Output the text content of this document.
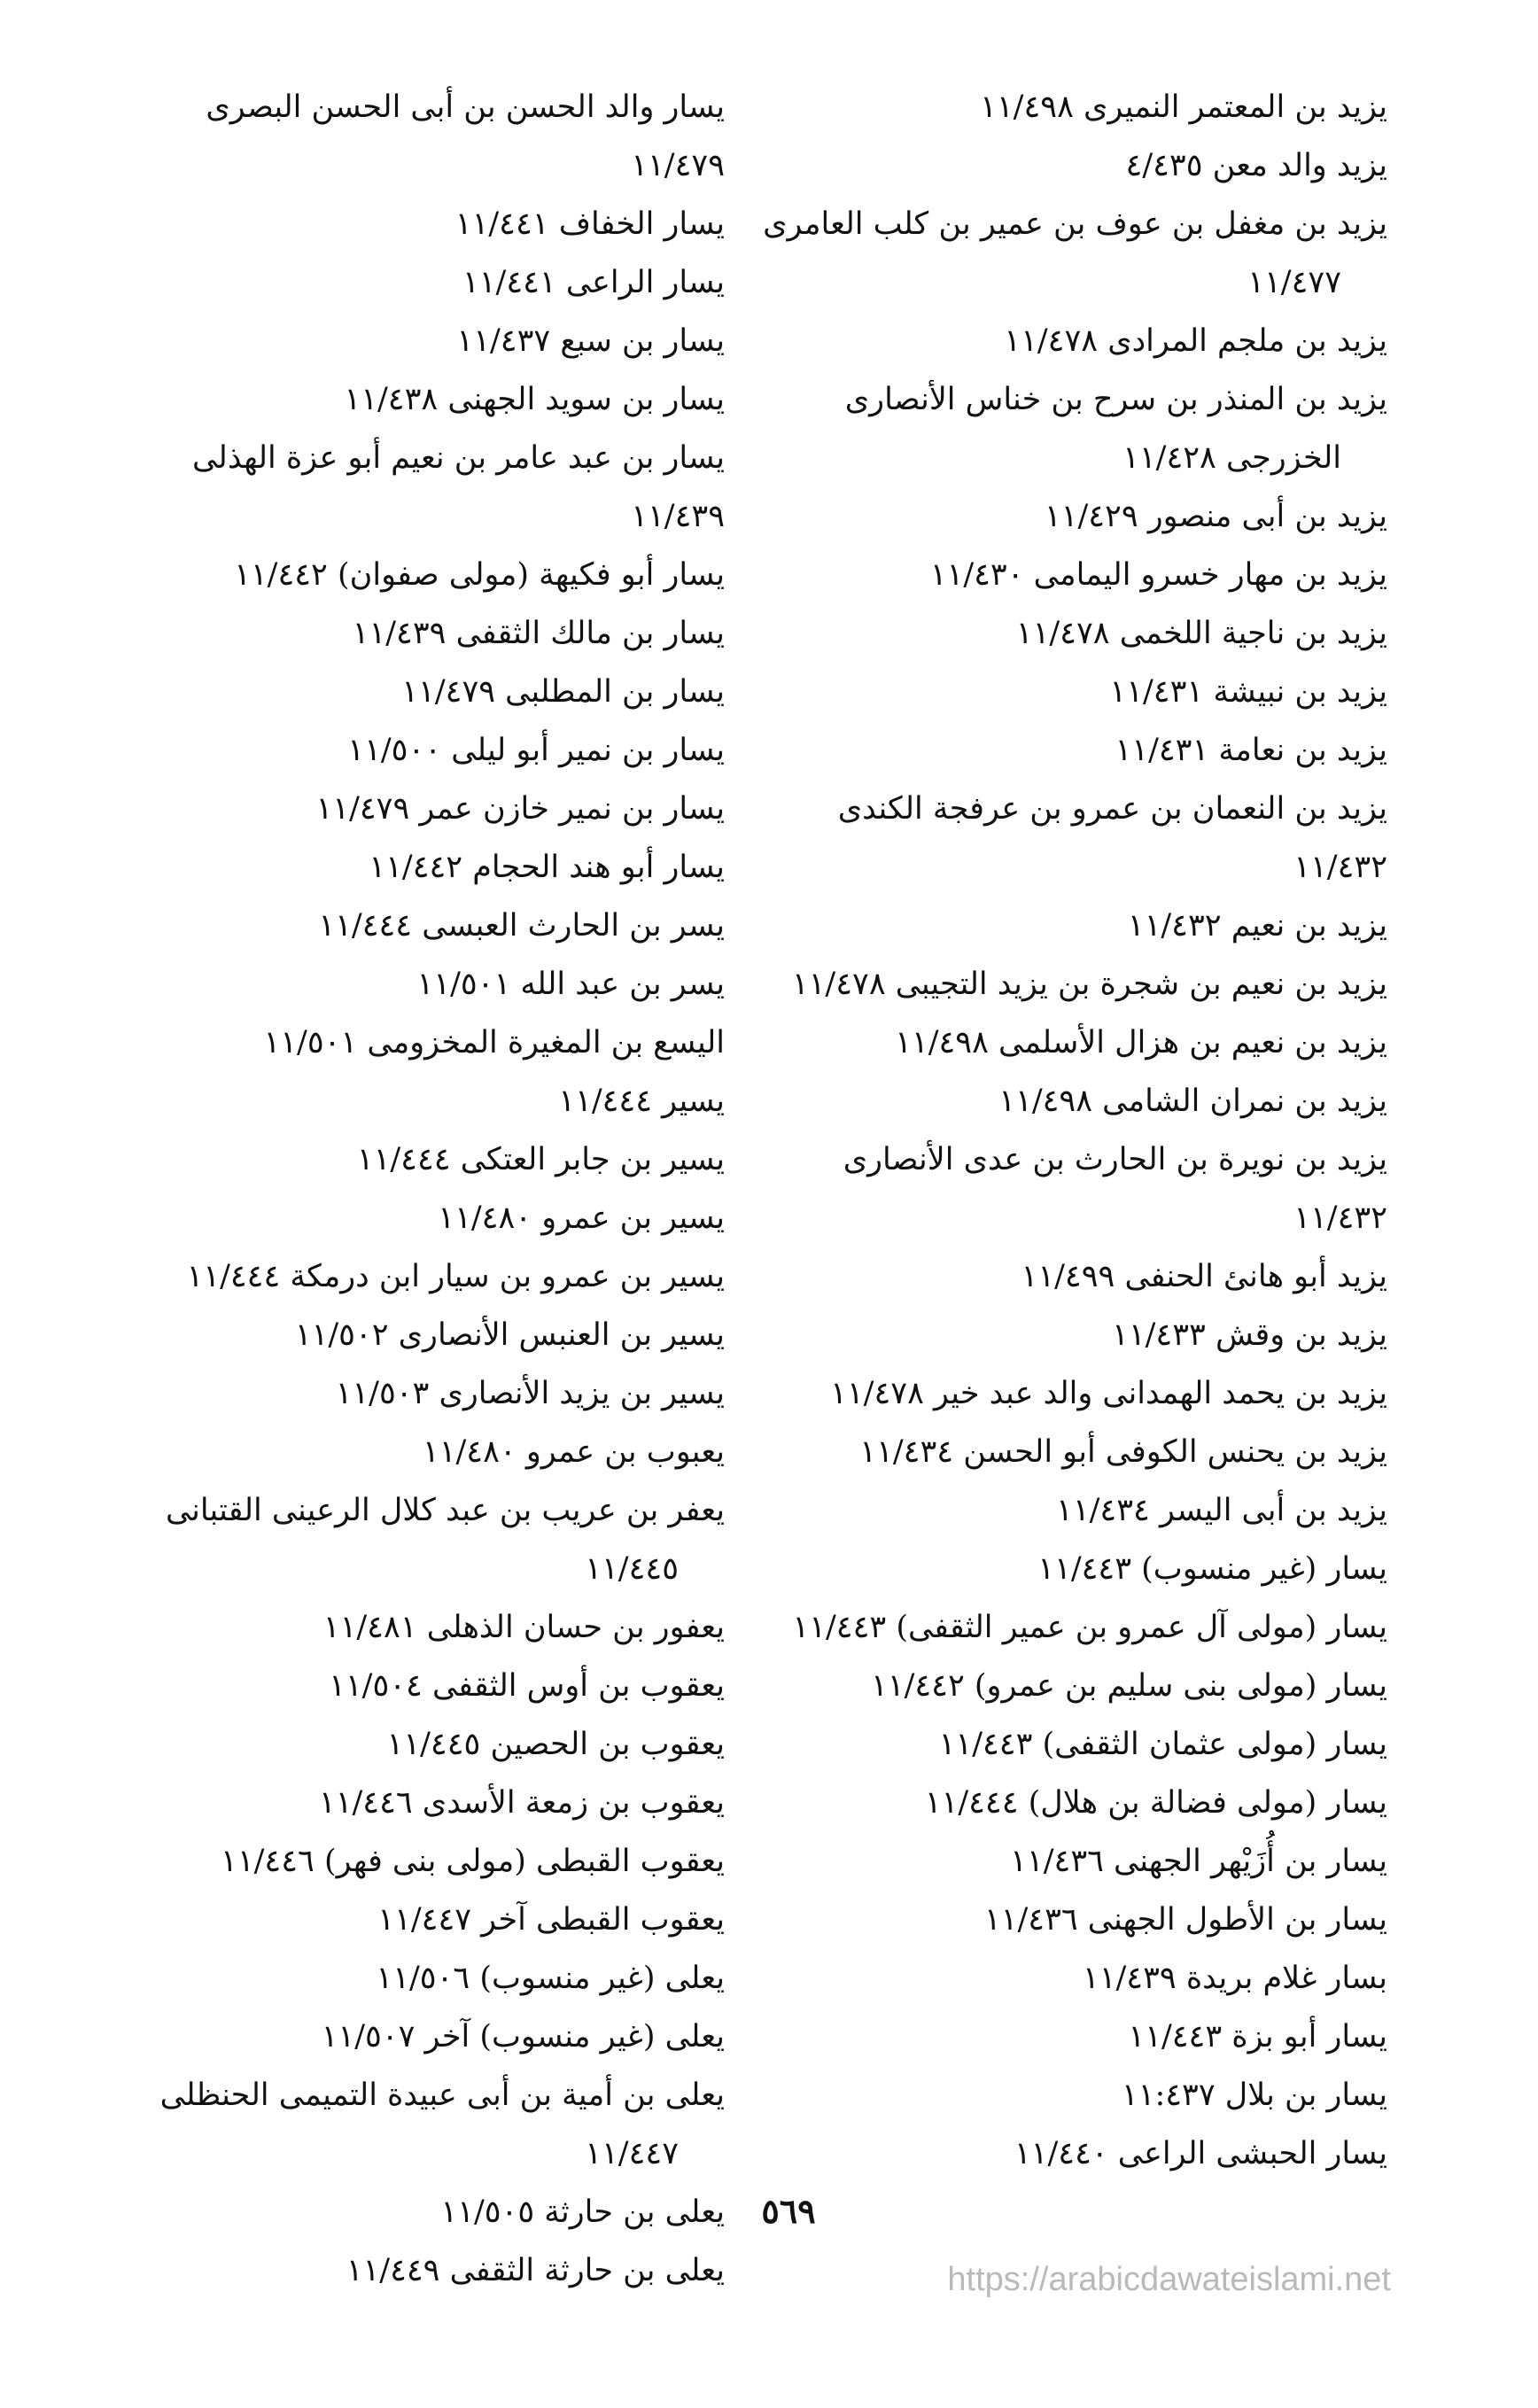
يزيد بن المعتمر النميرى ١١/٤٩٨
يزيد والد معن ٤/٤٣٥
يزيد بن مغفل بن عوف بن عمير بن كلب العامرى ١١/٤٧٧
يزيد بن ملجم المرادى ١١/٤٧٨
يزيد بن المنذر بن سرح بن خناس الأنصارى الخزرجى ١١/٤٢٨
يزيد بن أبى منصور ١١/٤٢٩
يزيد بن مهار خسرو اليمامى ١١/٤٣٠
يزيد بن ناجية اللخمى ١١/٤٧٨
يزيد بن نبيشة ١١/٤٣١
يزيد بن نعامة ١١/٤٣١
يزيد بن النعمان بن عمرو بن عرفجة الكندى ١١/٤٣٢
يزيد بن نعيم ١١/٤٣٢
يزيد بن نعيم بن شجرة بن يزيد التجيبى ١١/٤٧٨
يزيد بن نعيم بن هزال الأسلمى ١١/٤٩٨
يزيد بن نمران الشامى ١١/٤٩٨
يزيد بن نويرة بن الحارث بن عدى الأنصارى ١١/٤٣٢
يزيد أبو هانئ الحنفى ١١/٤٩٩
يزيد بن وقش ١١/٤٣٣
يزيد بن يحمد الهمدانى والد عبد خير ١١/٤٧٨
يزيد بن يحنس الكوفى أبو الحسن ١١/٤٣٤
يزيد بن أبى اليسر ١١/٤٣٤
يسار (غير منسوب) ١١/٤٤٣
يسار (مولى آل عمرو بن عمير الثقفى) ١١/٤٤٣
يسار (مولى بنى سليم بن عمرو) ١١/٤٤٢
يسار (مولى عثمان الثقفى) ١١/٤٤٣
يسار (مولى فضالة بن هلال) ١١/٤٤٤
يسار بن أُزَيْهر الجهنى ١١/٤٣٦
يسار بن الأطول الجهنى ١١/٤٣٦
بسار غلام بريدة ١١/٤٣٩
يسار أبو بزة ١١/٤٤٣
يسار بن بلال ١١:٤٣٧
يسار الحبشى الراعى ١١/٤٤٠
يسار والد الحسن بن أبى الحسن البصرى ١١/٤٧٩
يسار الخفاف ١١/٤٤١
يسار الراعى ١١/٤٤١
يسار بن سبع ١١/٤٣٧
يسار بن سويد الجهنى ١١/٤٣٨
يسار بن عبد عامر بن نعيم أبو عزة الهذلى ١١/٤٣٩
يسار أبو فكيهة (مولى صفوان) ١١/٤٤٢
يسار بن مالك الثقفى ١١/٤٣٩
يسار بن المطلبى ١١/٤٧٩
يسار بن نمير أبو ليلى ١١/٥٠٠
يسار بن نمير خازن عمر ١١/٤٧٩
يسار أبو هند الحجام ١١/٤٤٢
يسر بن الحارث العبسى ١١/٤٤٤
يسر بن عبد الله ١١/٥٠١
اليسع بن المغيرة المخزومى ١١/٥٠١
يسير ١١/٤٤٤
يسير بن جابر العتكى ١١/٤٤٤
يسير بن عمرو ١١/٤٨٠
يسير بن عمرو بن سيار ابن درمكة ١١/٤٤٤
يسير بن العنبس الأنصارى ١١/٥٠٢
يسير بن يزيد الأنصارى ١١/٥٠٣
يعبوب بن عمرو ١١/٤٨٠
يعفر بن عريب بن عبد كلال الرعينى القتبانى ١١/٤٤٥
يعفور بن حسان الذهلى ١١/٤٨١
يعقوب بن أوس الثقفى ١١/٥٠٤
يعقوب بن الحصين ١١/٤٤٥
يعقوب بن زمعة الأسدى ١١/٤٤٦
يعقوب القبطى (مولى بنى فهر) ١١/٤٤٦
يعقوب القبطى آخر ١١/٤٤٧
يعلى (غير منسوب) ١١/٥٠٦
يعلى (غير منسوب) آخر ١١/٥٠٧
يعلى بن أمية بن أبى عبيدة التميمى الحنظلى ١١/٤٤٧
يعلى بن حارثة ١١/٥٠٥
يعلى بن حارثة الثقفى ١١/٤٤٩
٥٦٩
https://arabicdawateislami.net
